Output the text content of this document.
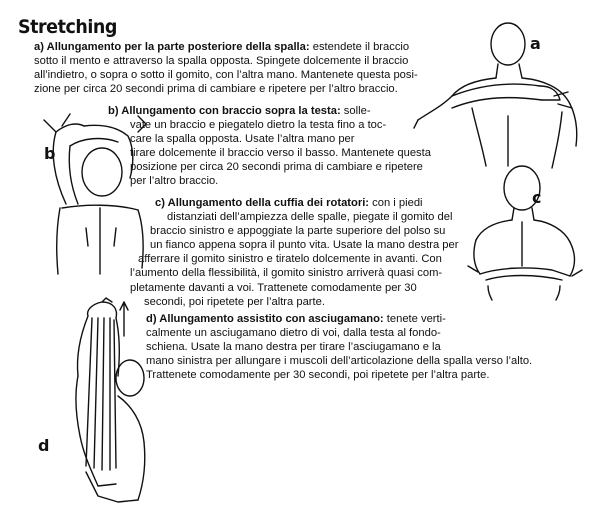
Stretching
a) Allungamento per la parte posteriore della spalla: estendete il braccio
sotto il mento e attraverso la spalla opposta. Spingete dolcemente il braccio
all’indietro, o sopra o sotto il gomito, con l’altra mano. Mantenete questa posi-
zione per circa 20 secondi prima di cambiare e ripetere per l’altro braccio.
b) Allungamento con braccio sopra la testa: solle-
vate un braccio e piegatelo dietro la testa fino a toc-
care la spalla opposta. Usate l’altra mano per
tirare dolcemente il braccio verso il basso. Mantenete questa
posizione per circa 20 secondi prima di cambiare e ripetere
per l’altro braccio.
c) Allungamento della cuffia dei rotatori: con i piedi
distanziati dell’ampiezza delle spalle, piegate il gomito del
braccio sinistro e appoggiate la parte superiore del polso su
un fianco appena sopra il punto vita. Usate la mano destra per
afferrare il gomito sinistro e tiratelo dolcemente in avanti. Con
l’aumento della flessibilità, il gomito sinistro arriverà quasi com-
pletamente davanti a voi. Trattenete comodamente per 30
secondi, poi ripetete per l’altra parte.
d) Allungamento assistito con asciugamano: tenete verti-
calmente un asciugamano dietro di voi, dalla testa al fondo-
schiena. Usate la mano destra per tirare l’asciugamano e la
mano sinistra per allungare i muscoli dell’articolazione della spalla verso l’alto.
Trattenete comodamente per 30 secondi, poi ripetete per l’altra parte.
a
b
c
d
